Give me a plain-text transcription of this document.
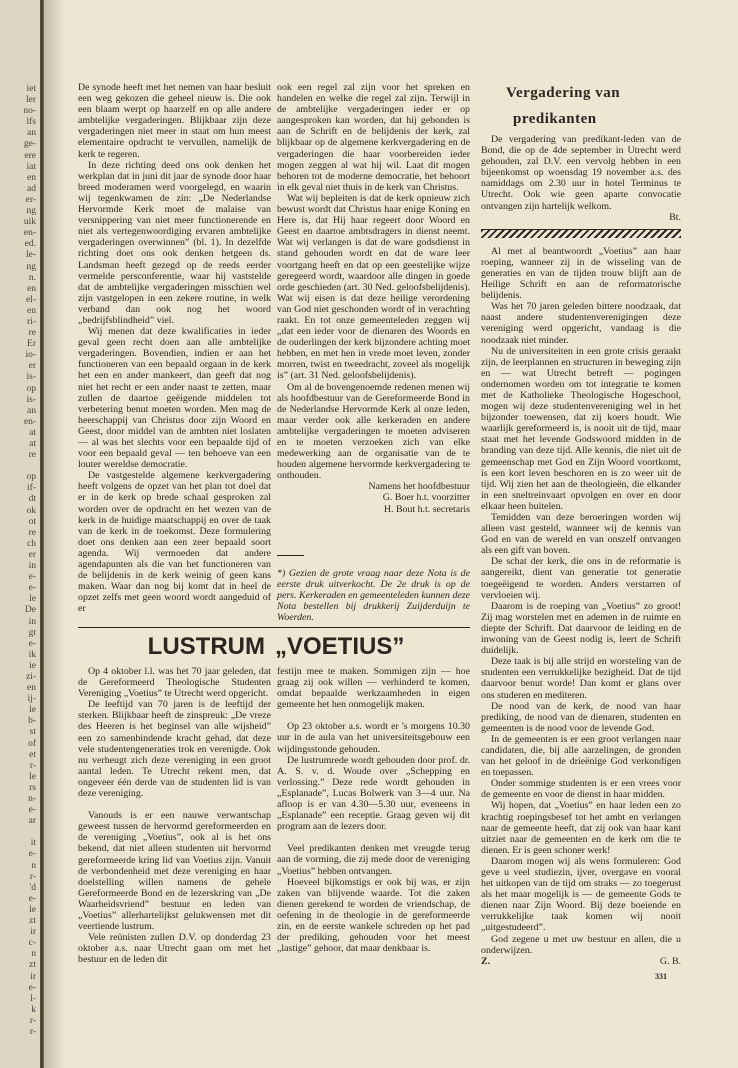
iet
ler
no-
lfs
an
ge-
ere
iat
en
ad
er-
ng
uik
en-
ed.
le-
ng
n.
en
el-
en
ri-
re
Er
io-
er
is-
op
is-
an
en-
at
at
re
op
if-
dt
ok
ot
re
ch
er
in
e-
e-
le
De
in
gt
e-
ik
ie
zi-
en
ij-
le
b-
st
of
et
r-
le
rs
n-
e-
ar
it
e-
n
r-
'd
e-
le
zt
ir
c-
n
zt
ir
e-
l-
k
r-
r-

De synode heeft met het nemen van haar besluit een weg gekozen die geheel nieuw is. Die ook een blaam werpt op haarzelf en op alle andere ambtelijke vergaderingen. Blijkbaar zijn deze vergaderingen niet meer in staat om hun meest elementaire opdracht te vervullen, namelijk de kerk te regeren.

In deze richting deed ons ook denken het werkplan dat in juni dit jaar de synode door haar breed moderamen werd voorgelegd, en waarin wij tegenkwamen de zin: „De Nederlandse Hervormde Kerk moet de malaise van versnippering van niet meer functionerende en niet als vertegenwoordiging ervaren ambtelijke vergaderingen overwinnen” (bl. 1). In dezelfde richting doet ons ook denken hetgeen ds. Landsman heeft gezegd op de reeds eerder vermelde persconferentie, waar hij vaststelde dat de ambtelijke vergaderingen misschien wel zijn vastgelopen in een zekere routine, in welk verband dan ook nog het woord „bedrijfsblindheid” viel.

Wij menen dat deze kwalificaties in ieder geval geen recht doen aan alle ambtelijke vergaderingen. Bovendien, indien er aan het functioneren van een bepaald orgaan in de kerk het een en ander mankeert, dan geeft dat nog niet het recht er een ander naast te zetten, maar zullen de daartoe geëigende middelen tot verbetering benut moeten worden. Men mag de heerschappij van Christus door zijn Woord en Geest, door middel van de ambten niet loslaten — al was het slechts voor een bepaalde tijd of voor een bepaald geval — ten behoeve van een louter wereldse democratie.

De vastgestelde algemene kerkvergadering heeft volgens de opzet van het plan tot doel dat er in de kerk op brede schaal gesproken zal worden over de opdracht en het wezen van de kerk in de huidige maatschappij en over de taak van de kerk in de toekomst. Deze formulering doet ons denken aan een zeer bepaald soort agenda. Wij vermoeden dat andere agendapunten als die van het functioneren van de belijdenis in de kerk weinig of geen kans maken. Waar dan nog bij komt dat in heel de opzet zelfs met geen woord wordt aangeduid of er

ook een regel zal zijn voor het spreken en handelen en welke die regel zal zijn. Terwijl in de ambtelijke vergaderingen ieder er op aangesproken kan worden, dat hij gebonden is aan de Schrift en de belijdenis der kerk, zal blijkbaar op de algemene kerkvergadering en de vergaderingen die haar voorbereiden ieder mogen zeggen al wat hij wil. Laat dit mogen behoren tot de moderne democratie, het behoort in elk geval niet thuis in de kerk van Christus.

Wat wij bepleiten is dat de kerk opnieuw zich bewust wordt dat Christus haar enige Koning en Here is, dat Hij haar regeert door Woord en Geest en daartoe ambtsdragers in dienst neemt. Wat wij verlangen is dat de ware godsdienst in stand gehouden wordt en dat de ware leer voortgang heeft en dat op een geestelijke wijze geregeerd wordt, waardoor alle dingen in goede orde geschieden (art. 30 Ned. geloofsbelijdenis). Wat wij eisen is dat deze heilige verordening van God niet geschonden wordt of in verachting raakt. En tot onze gemeenteleden zeggen wij „dat een ieder voor de dienaren des Woords en de ouderlingen der kerk bijzondere achting moet hebben, en met hen in vrede moet leven, zonder morren, twist en tweedracht, zoveel als mogelijk is” (art. 31 Ned. geloofsbelijdenis).

Om al de bovengenoemde redenen menen wij als hoofdbestuur van de Gereformeerde Bond in de Nederlandse Hervormde Kerk al onze leden, maar verder ook alle kerkeraden en andere ambtelijke vergaderingen te moeten adviseren en te moeten verzoeken zich van elke medewerking aan de organisatie van de te houden algemene hervormde kerkvergadering te onthouden.

Namens het hoofdbestuur

G. Boer h.t. voorzitter

H. Bout h.t. secretaris

*) Gezien de grote vraag naar deze Nota is de eerste druk uitverkocht. De 2e druk is op de pers. Kerkeraden en gemeenteleden kunnen deze Nota bestellen bij drukkerij Zuijderduijn te Woerden.

Vergadering van
predikanten

De vergadering van predikant-leden van de Bond, die op de 4de september in Utrecht werd gehouden, zal D.V. een vervolg hebben in een bijeenkomst op woensdag 19 november a.s. des namiddags om 2.30 uur in hotel Terminus te Utrecht. Ook wie geen aparte convocatie ontvangen zijn hartelijk welkom.

Bt.

Al met al beantwoordt „Voetius” aan haar roeping, wanneer zij in de wisseling van de generaties en van de tijden trouw blijft aan de Heilige Schrift en aan de reformatorische belijdenis.

Was het 70 jaren geleden bittere noodzaak, dat naast andere studentenverenigingen deze vereniging werd opgericht, vandaag is die noodzaak niet minder.

Nu de universiteiten in een grote crisis geraakt zijn, de leerplannen en structuren in beweging zijn en — wat Utrecht betreft — pogingen ondernomen worden om tot integratie te komen met de Katholieke Theologische Hogeschool, mogen wij deze studentenvereniging wel in het bijzonder toewensen, dat zij koers houdt. Wie waarlijk gereformeerd is, is nooit uit de tijd, maar staat met het levende Godswoord midden in de branding van deze tijd. Alle kennis, die niet uit de gemeenschap met God en Zijn Woord voortkomt, is een kort leven beschoren en is zo weer uit de tijd. Wij zien het aan de theologieën, die elkander in een sneltreinvaart opvolgen en over en door elkaar heen buitelen.

Temidden van deze beroeringen worden wij alleen vast gesteld, wanneer wij de kennis van God en van de wereld en van onszelf ontvangen als een gift van boven.

De schat der kerk, die ons in de reformatie is aangereikt, dient van generatie tot generatie toegeëigend te worden. Anders verstarren of vervloeien wij.

Daarom is de roeping van „Voetius” zo groot! Zij mag worstelen met en ademen in de ruimte en diepte der Schrift. Dat daarvoor de leiding en de inwoning van de Geest nodig is, leert de Schrift duidelijk.

Deze taak is bij alle strijd en worsteling van de studenten een verrukkelijke bezigheid. Dat de tijd daarvoor benut worde! Dan komt er glans over ons studeren en mediteren.

De nood van de kerk, de nood van haar prediking, de nood van de dienaren, studenten en gemeenten is de nood voor de levende God.

In de gemeenten is er een groot verlangen naar candidaten, die, bij alle aarzelingen, de gronden van het geloof in de drieënige God verkondigen en toepassen.

Onder sommige studenten is er een vrees voor de gemeente en voor de dienst in haar midden.

Wij hopen, dat „Voetius” en haar leden een zo krachtig roepingsbesef tot het ambt en verlangen naar de gemeente heeft, dat zij ook van haar kant uitziet naar de gemeenten en de kerk om die te dienen. Er is geen schoner werk!

Daarom mogen wij als wens formuleren: God geve u veel studiezin, ijver, overgave en vooral het uitkopen van de tijd om straks — zo toegerust als het maar mogelijk is — de gemeente Gods te dienen naar Zijn Woord. Bij deze boeiende en verrukkelijke taak komen wij nooit „uitgestudeerd”.

God zegene u met uw bestuur en allen, die u onderwijzen.

Z.	G. B.
LUSTRUM „VOETIUS”

Op 4 oktober l.l. was het 70 jaar geleden, dat de Gereformeerd Theologische Studenten Vereniging „Voetius” te Utrecht werd opgericht.

De leeftijd van 70 jaren is de leeftijd der sterken. Blijkbaar heeft de zinspreuk: „De vreze des Heeren is het beginsel van alle wijsheid” een zo samenbindende kracht gehad, dat deze vele studentengeneraties trok en verenigde. Ook nu verheugt zich deze vereniging in een groot aantal leden. Te Utrecht rekent men, dat ongeveer één derde van de studenten lid is van deze vereniging.

Vanouds is er een nauwe verwantschap geweest tussen de hervormd gereformeerden en de vereniging „Voetius”, ook al is het ons bekend, dat niet alleen studenten uit hervormd gereformeerde kring lid van Voetius zijn. Vanuit de verbondenheid met deze vereniging en haar doelstelling willen namens de gehele Gereformeerde Bond en de lezerskring van „De Waarheidsvriend” bestuur en leden van „Voetius” allerhartelijkst gelukwensen met dit veertiende lustrum.

Vele reünisten zullen D.V. op donderdag 23 oktober a.s. naar Utrecht gaan om met het bestuur en de leden dit

festijn mee te maken. Sommigen zijn — hoe graag zij ook willen — verhinderd te komen, omdat bepaalde werkzaamheden in eigen gemeente het hen onmogelijk maken.

Op 23 oktober a.s. wordt er 's morgens 10.30 uur in de aula van het universiteitsgebouw een wijdingsstonde gehouden.

De lustrumrede wordt gehouden door prof. dr. A. S. v. d. Woude over „Schepping en verlossing.” Deze rede wordt gehouden in „Esplanade”, Lucas Bolwerk van 3—4 uur. Na afloop is er van 4.30—5.30 uur, eveneens in „Esplanade” een receptie. Graag geven wij dit program aan de lezers door.

Veel predikanten denken met vreugde terug aan de vorming, die zij mede door de vereniging „Voetius” hebben ontvangen.

Hoeveel bijkomstigs er ook bij was, er zijn zaken van blijvende waarde. Tot die zaken dienen gerekend te worden de vriendschap, de oefening in de theologie in de gereformeerde zin, en de eerste wankele schreden op het pad der prediking, gehouden voor het meest „lastige” gehoor, dat maar denkbaar is.

331
